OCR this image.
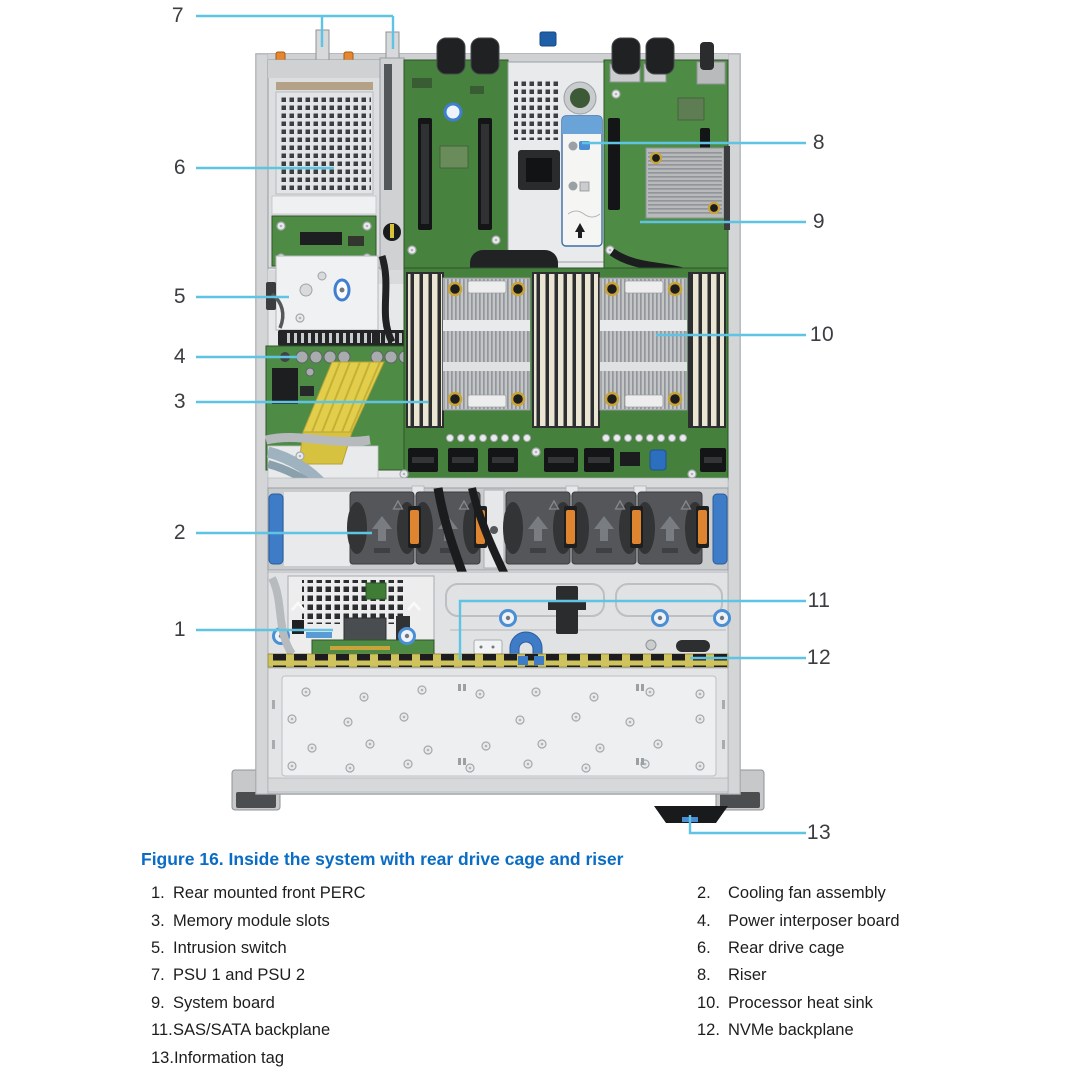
1
2
3
4
5
6
7
8
9
10
11
12
13
Figure 16. Inside the system with rear drive cage and riser
1. Rear mounted front PERC
3. Memory module slots
5. Intrusion switch
7. PSU 1 and PSU 2
9. System board
11. SAS/SATA backplane
13. Information tag
2.	Cooling fan assembly
4.	Power interposer board
6.	Rear drive cage
8.	Riser
10. Processor heat sink
12. NVMe backplane
